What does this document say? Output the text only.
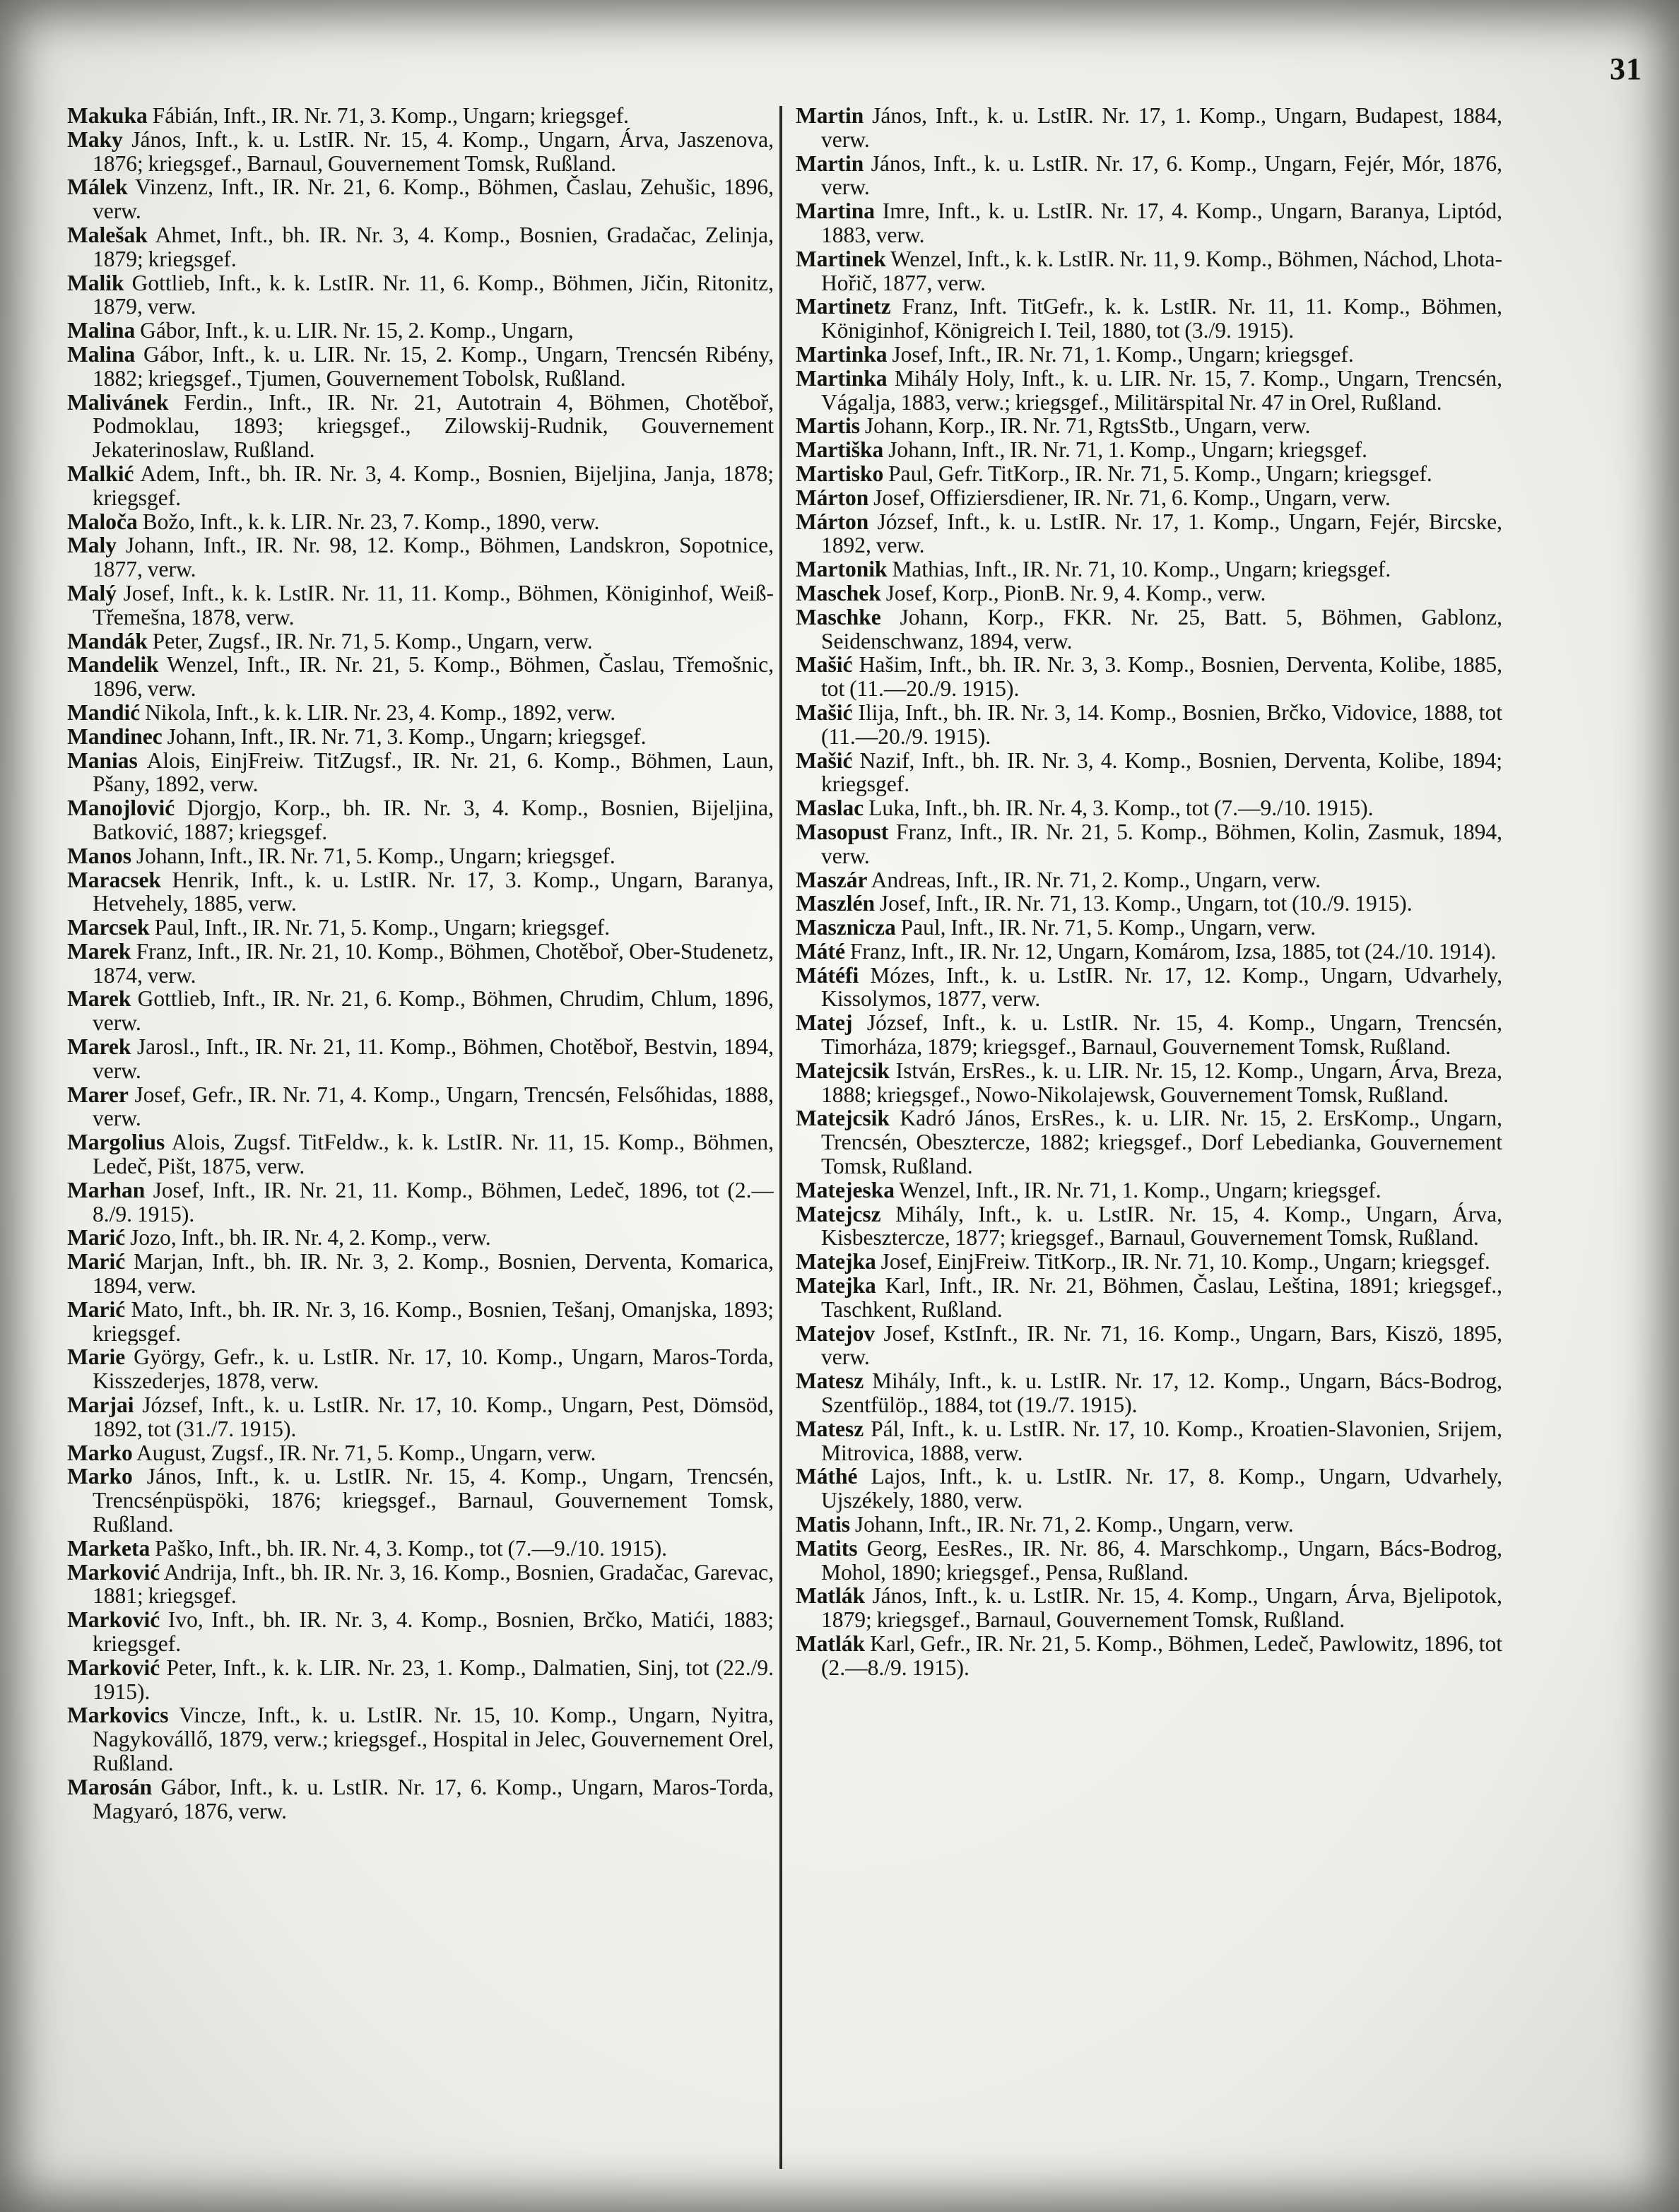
31

Makuka Fábián, Inft., IR. Nr. 71, 3. Komp., Ungarn; kriegsgef.

Maky János, Inft., k. u. LstIR. Nr. 15, 4. Komp., Ungarn, Árva, Jaszenova, 1876; kriegsgef., Barnaul, Gouvernement Tomsk, Rußland.

Málek Vinzenz, Inft., IR. Nr. 21, 6. Komp., Böhmen, Časlau, Zehušic, 1896, verw.

Malešak Ahmet, Inft., bh. IR. Nr. 3, 4. Komp., Bosnien, Gradačac, Zelinja, 1879; kriegsgef.

Malik Gottlieb, Inft., k. k. LstIR. Nr. 11, 6. Komp., Böhmen, Jičin, Ritonitz, 1879, verw.

Malina Gábor, Inft., k. u. LIR. Nr. 15, 2. Komp., Ungarn,

Malina Gábor, Inft., k. u. LIR. Nr. 15, 2. Komp., Ungarn, Trencsén Ribény, 1882; kriegsgef., Tjumen, Gouvernement Tobolsk, Rußland.

Malivánek Ferdin., Inft., IR. Nr. 21, Autotrain 4, Böhmen, Chotěboř, Podmoklau, 1893; kriegsgef., Zilowskij-Rudnik, Gouvernement Jekaterinoslaw, Rußland.

Malkić Adem, Inft., bh. IR. Nr. 3, 4. Komp., Bosnien, Bijeljina, Janja, 1878; kriegsgef.

Maloča Božo, Inft., k. k. LIR. Nr. 23, 7. Komp., 1890, verw.

Maly Johann, Inft., IR. Nr. 98, 12. Komp., Böhmen, Landskron, Sopotnice, 1877, verw.

Malý Josef, Inft., k. k. LstIR. Nr. 11, 11. Komp., Böhmen, Königinhof, Weiß-Třemešna, 1878, verw.

Mandák Peter, Zugsf., IR. Nr. 71, 5. Komp., Ungarn, verw.

Mandelik Wenzel, Inft., IR. Nr. 21, 5. Komp., Böhmen, Časlau, Třemošnic, 1896, verw.

Mandić Nikola, Inft., k. k. LIR. Nr. 23, 4. Komp., 1892, verw.

Mandinec Johann, Inft., IR. Nr. 71, 3. Komp., Ungarn; kriegsgef.

Manias Alois, EinjFreiw. TitZugsf., IR. Nr. 21, 6. Komp., Böhmen, Laun, Pšany, 1892, verw.

Manojlović Djorgjo, Korp., bh. IR. Nr. 3, 4. Komp., Bosnien, Bijeljina, Batković, 1887; kriegsgef.

Manos Johann, Inft., IR. Nr. 71, 5. Komp., Ungarn; kriegsgef.

Maracsek Henrik, Inft., k. u. LstIR. Nr. 17, 3. Komp., Ungarn, Baranya, Hetvehely, 1885, verw.

Marcsek Paul, Inft., IR. Nr. 71, 5. Komp., Ungarn; kriegsgef.

Marek Franz, Inft., IR. Nr. 21, 10. Komp., Böhmen, Chotěboř, Ober-Studenetz, 1874, verw.

Marek Gottlieb, Inft., IR. Nr. 21, 6. Komp., Böhmen, Chrudim, Chlum, 1896, verw.

Marek Jarosl., Inft., IR. Nr. 21, 11. Komp., Böhmen, Chotěboř, Bestvin, 1894, verw.

Marer Josef, Gefr., IR. Nr. 71, 4. Komp., Ungarn, Trencsén, Felsőhidas, 1888, verw.

Margolius Alois, Zugsf. TitFeldw., k. k. LstIR. Nr. 11, 15. Komp., Böhmen, Ledeč, Pišt, 1875, verw.

Marhan Josef, Inft., IR. Nr. 21, 11. Komp., Böhmen, Ledeč, 1896, tot (2.—8./9. 1915).

Marić Jozo, Inft., bh. IR. Nr. 4, 2. Komp., verw.

Marić Marjan, Inft., bh. IR. Nr. 3, 2. Komp., Bosnien, Derventa, Komarica, 1894, verw.

Marić Mato, Inft., bh. IR. Nr. 3, 16. Komp., Bosnien, Tešanj, Omanjska, 1893; kriegsgef.

Marie György, Gefr., k. u. LstIR. Nr. 17, 10. Komp., Ungarn, Maros-Torda, Kisszederjes, 1878, verw.

Marjai József, Inft., k. u. LstIR. Nr. 17, 10. Komp., Ungarn, Pest, Dömsöd, 1892, tot (31./7. 1915).

Marko August, Zugsf., IR. Nr. 71, 5. Komp., Ungarn, verw.

Marko János, Inft., k. u. LstIR. Nr. 15, 4. Komp., Ungarn, Trencsén, Trencsénpüspöki, 1876; kriegsgef., Barnaul, Gouvernement Tomsk, Rußland.

Marketa Paško, Inft., bh. IR. Nr. 4, 3. Komp., tot (7.—9./10. 1915).

Marković Andrija, Inft., bh. IR. Nr. 3, 16. Komp., Bosnien, Gradačac, Garevac, 1881; kriegsgef.

Marković Ivo, Inft., bh. IR. Nr. 3, 4. Komp., Bosnien, Brčko, Matići, 1883; kriegsgef.

Marković Peter, Inft., k. k. LIR. Nr. 23, 1. Komp., Dalmatien, Sinj, tot (22./9. 1915).

Markovics Vincze, Inft., k. u. LstIR. Nr. 15, 10. Komp., Ungarn, Nyitra, Nagykovállő, 1879, verw.; kriegsgef., Hospital in Jelec, Gouvernement Orel, Rußland.

Marosán Gábor, Inft., k. u. LstIR. Nr. 17, 6. Komp., Ungarn, Maros-Torda, Magyaró, 1876, verw.

Martin János, Inft., k. u. LstIR. Nr. 17, 1. Komp., Ungarn, Budapest, 1884, verw.

Martin János, Inft., k. u. LstIR. Nr. 17, 6. Komp., Ungarn, Fejér, Mór, 1876, verw.

Martina Imre, Inft., k. u. LstIR. Nr. 17, 4. Komp., Ungarn, Baranya, Liptód, 1883, verw.

Martinek Wenzel, Inft., k. k. LstIR. Nr. 11, 9. Komp., Böhmen, Náchod, Lhota-Hořič, 1877, verw.

Martinetz Franz, Inft. TitGefr., k. k. LstIR. Nr. 11, 11. Komp., Böhmen, Königinhof, Königreich I. Teil, 1880, tot (3./9. 1915).

Martinka Josef, Inft., IR. Nr. 71, 1. Komp., Ungarn; kriegsgef.

Martinka Mihály Holy, Inft., k. u. LIR. Nr. 15, 7. Komp., Ungarn, Trencsén, Vágalja, 1883, verw.; kriegsgef., Militärspital Nr. 47 in Orel, Rußland.

Martis Johann, Korp., IR. Nr. 71, RgtsStb., Ungarn, verw.

Martiška Johann, Inft., IR. Nr. 71, 1. Komp., Ungarn; kriegsgef.

Martisko Paul, Gefr. TitKorp., IR. Nr. 71, 5. Komp., Ungarn; kriegsgef.

Márton Josef, Offiziersdiener, IR. Nr. 71, 6. Komp., Ungarn, verw.

Márton József, Inft., k. u. LstIR. Nr. 17, 1. Komp., Ungarn, Fejér, Bircske, 1892, verw.

Martonik Mathias, Inft., IR. Nr. 71, 10. Komp., Ungarn; kriegsgef.

Maschek Josef, Korp., PionB. Nr. 9, 4. Komp., verw.

Maschke Johann, Korp., FKR. Nr. 25, Batt. 5, Böhmen, Gablonz, Seidenschwanz, 1894, verw.

Mašić Hašim, Inft., bh. IR. Nr. 3, 3. Komp., Bosnien, Derventa, Kolibe, 1885, tot (11.—20./9. 1915).

Mašić Ilija, Inft., bh. IR. Nr. 3, 14. Komp., Bosnien, Brčko, Vidovice, 1888, tot (11.—20./9. 1915).

Mašić Nazif, Inft., bh. IR. Nr. 3, 4. Komp., Bosnien, Derventa, Kolibe, 1894; kriegsgef.

Maslac Luka, Inft., bh. IR. Nr. 4, 3. Komp., tot (7.—9./10. 1915).

Masopust Franz, Inft., IR. Nr. 21, 5. Komp., Böhmen, Kolin, Zasmuk, 1894, verw.

Maszár Andreas, Inft., IR. Nr. 71, 2. Komp., Ungarn, verw.

Maszlén Josef, Inft., IR. Nr. 71, 13. Komp., Ungarn, tot (10./9. 1915).

Masznicza Paul, Inft., IR. Nr. 71, 5. Komp., Ungarn, verw.

Máté Franz, Inft., IR. Nr. 12, Ungarn, Komárom, Izsa, 1885, tot (24./10. 1914).

Mátéfi Mózes, Inft., k. u. LstIR. Nr. 17, 12. Komp., Ungarn, Udvarhely, Kissolymos, 1877, verw.

Matej József, Inft., k. u. LstIR. Nr. 15, 4. Komp., Ungarn, Trencsén, Timorháza, 1879; kriegsgef., Barnaul, Gouvernement Tomsk, Rußland.

Matejcsik István, ErsRes., k. u. LIR. Nr. 15, 12. Komp., Ungarn, Árva, Breza, 1888; kriegsgef., Nowo-Nikolajewsk, Gouvernement Tomsk, Rußland.

Matejcsik Kadró János, ErsRes., k. u. LIR. Nr. 15, 2. ErsKomp., Ungarn, Trencsén, Obesztercze, 1882; kriegsgef., Dorf Lebedianka, Gouvernement Tomsk, Rußland.

Matejeska Wenzel, Inft., IR. Nr. 71, 1. Komp., Ungarn; kriegsgef.

Matejcsz Mihály, Inft., k. u. LstIR. Nr. 15, 4. Komp., Ungarn, Árva, Kisbesztercze, 1877; kriegsgef., Barnaul, Gouvernement Tomsk, Rußland.

Matejka Josef, EinjFreiw. TitKorp., IR. Nr. 71, 10. Komp., Ungarn; kriegsgef.

Matejka Karl, Inft., IR. Nr. 21, Böhmen, Časlau, Leština, 1891; kriegsgef., Taschkent, Rußland.

Matejov Josef, KstInft., IR. Nr. 71, 16. Komp., Ungarn, Bars, Kiszö, 1895, verw.

Matesz Mihály, Inft., k. u. LstIR. Nr. 17, 12. Komp., Ungarn, Bács-Bodrog, Szentfülöp., 1884, tot (19./7. 1915).

Matesz Pál, Inft., k. u. LstIR. Nr. 17, 10. Komp., Kroatien-Slavonien, Srijem, Mitrovica, 1888, verw.

Máthé Lajos, Inft., k. u. LstIR. Nr. 17, 8. Komp., Ungarn, Udvarhely, Ujszékely, 1880, verw.

Matis Johann, Inft., IR. Nr. 71, 2. Komp., Ungarn, verw.

Matits Georg, EesRes., IR. Nr. 86, 4. Marschkomp., Ungarn, Bács-Bodrog, Mohol, 1890; kriegsgef., Pensa, Rußland.

Matlák János, Inft., k. u. LstIR. Nr. 15, 4. Komp., Ungarn, Árva, Bjelipotok, 1879; kriegsgef., Barnaul, Gouvernement Tomsk, Rußland.

Matlák Karl, Gefr., IR. Nr. 21, 5. Komp., Böhmen, Ledeč, Pawlowitz, 1896, tot (2.—8./9. 1915).
